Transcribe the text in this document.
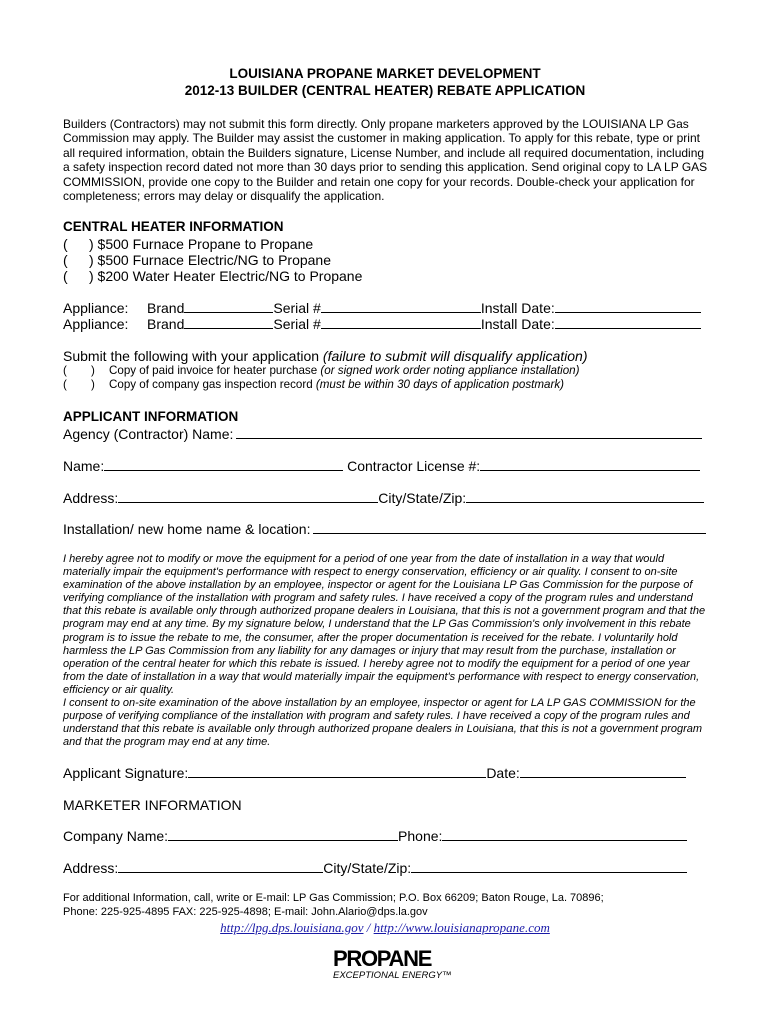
LOUISIANA PROPANE MARKET DEVELOPMENT
2012-13 BUILDER (CENTRAL HEATER) REBATE APPLICATION
Builders (Contractors) may not submit this form directly. Only propane marketers approved by the LOUISIANA LP Gas Commission may apply. The Builder may assist the customer in making application. To apply for this rebate, type or print all required information, obtain the Builders signature, License Number, and include all required documentation, including a safety inspection record dated not more than 30 days prior to sending this application. Send original copy to LA LP GAS COMMISSION, provide one copy to the Builder and retain one copy for your records. Double-check your application for completeness; errors may delay or disqualify the application.
CENTRAL HEATER INFORMATION
( ) $500 Furnace Propane to Propane
( ) $500 Furnace Electric/NG to Propane
( ) $200 Water Heater Electric/NG to Propane
Appliance: Brand	Serial #	Install Date:
Appliance: Brand	Serial #	Install Date:
Submit the following with your application (failure to submit will disqualify application)
( ) Copy of paid invoice for heater purchase (or signed work order noting appliance installation)
( ) Copy of company gas inspection record (must be within 30 days of application postmark)
APPLICANT INFORMATION
Agency (Contractor) Name:
Name:	Contractor License #:
Address:	City/State/Zip:
Installation/ new home name & location:
I hereby agree not to modify or move the equipment for a period of one year from the date of installation in a way that would materially impair the equipment's performance with respect to energy conservation, efficiency or air quality. I consent to on-site examination of the above installation by an employee, inspector or agent for the Louisiana LP Gas Commission for the purpose of verifying compliance of the installation with program and safety rules. I have received a copy of the program rules and understand that this rebate is available only through authorized propane dealers in Louisiana, that this is not a government program and that the program may end at any time. By my signature below, I understand that the LP Gas Commission's only involvement in this rebate program is to issue the rebate to me, the consumer, after the proper documentation is received for the rebate. I voluntarily hold harmless the LP Gas Commission from any liability for any damages or injury that may result from the purchase, installation or operation of the central heater for which this rebate is issued. I hereby agree not to modify the equipment for a period of one year from the date of installation in a way that would materially impair the equipment's performance with respect to energy conservation, efficiency or air quality.
I consent to on-site examination of the above installation by an employee, inspector or agent for LA LP GAS COMMISSION for the purpose of verifying compliance of the installation with program and safety rules. I have received a copy of the program rules and understand that this rebate is available only through authorized propane dealers in Louisiana, that this is not a government program and that the program may end at any time.
Applicant Signature:	Date:
MARKETER INFORMATION
Company Name:	Phone:
Address:	City/State/Zip:
For additional Information, call, write or E-mail: LP Gas Commission; P.O. Box 66209; Baton Rouge, La. 70896;
Phone: 225-925-4895 FAX: 225-925-4898; E-mail: John.Alario@dps.la.gov
http://lpg.dps.louisiana.gov / http://www.louisianapropane.com
PROPANE
EXCEPTIONAL ENERGY™
